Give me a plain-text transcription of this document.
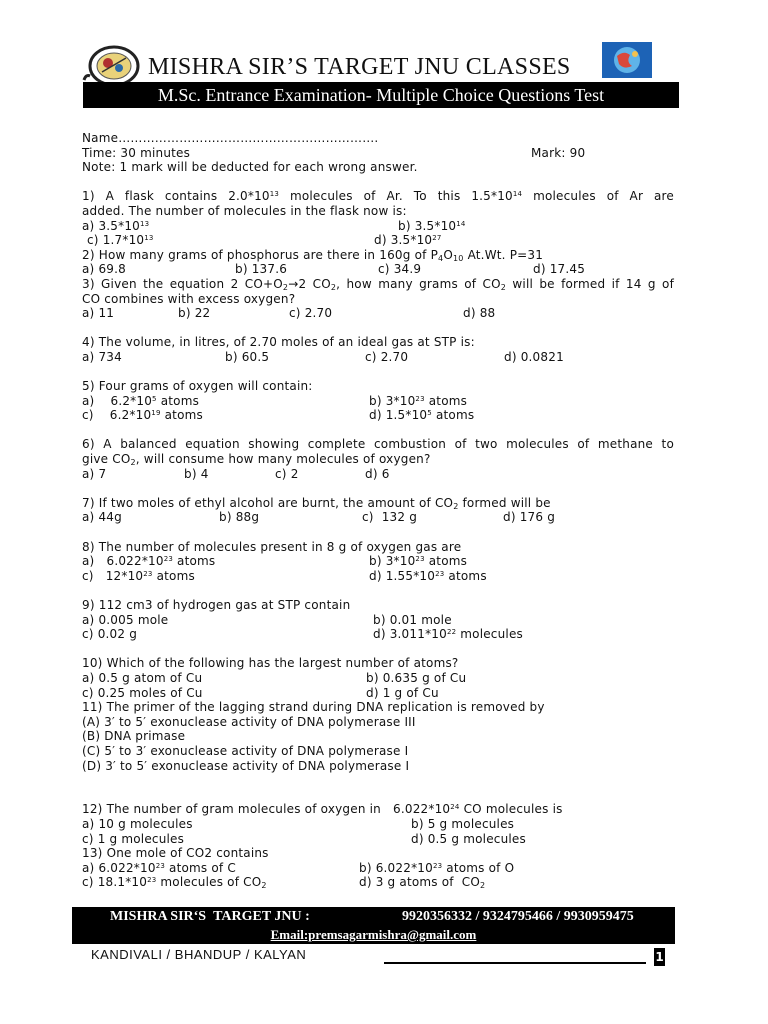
MISHRA SIR’S TARGET JNU CLASSES
M.Sc. Entrance Examination- Multiple Choice Questions Test
Name……………………………………………………….
Time: 30 minutes	Mark: 90
Note: 1 mark will be deducted for each wrong answer.
1) A flask contains $2.0*10^{13}$ molecules of Ar. To this $1.5*10^{14}$ molecules of Ar are
added. The number of molecules in the flask now is:
a) $3.5*10^{13}$	b) $3.5*10^{14}$
c) $1.7*10^{13}$	d) $3.5*10^{27}$
2) How many grams of phosphorus are there in 160g of $P_4O_{10}$ At.Wt. P=31
a) 69.8	b) 137.6	c) 34.9	d) 17.45
3) Given the equation 2 $CO+O_2\to 2$ $CO_2$, how many grams of $CO_2$ will be formed if 14 g of
CO combines with excess oxygen?
a) 11	b) 22	c) 2.70	d) 88
4) The volume, in litres, of 2.70 moles of an ideal gas at STP is:
a) 734	b) 60.5	c) 2.70	d) 0.0821
5) Four grams of oxygen will contain:
a)    $6.2*10^5$ atoms	b) $3*10^{23}$ atoms
c)    $6.2*10^{19}$ atoms	d) $1.5*10^5$ atoms
6) A balanced equation showing complete combustion of two molecules of methane to
give $CO_2$, will consume how many molecules of oxygen?
a) 7	b) 4	c) 2	d) 6
7) If two moles of ethyl alcohol are burnt, the amount of $CO_2$ formed will be
a) 44g	b) 88g	c)  132 g	d) 176 g
8) The number of molecules present in 8 g of oxygen gas are
a)   $6.022*10^{23}$ atoms	b) $3*10^{23}$ atoms
c)   $12*10^{23}$ atoms	d) $1.55*10^{23}$ atoms
9) 112 cm3 of hydrogen gas at STP contain
a) 0.005 mole	b) 0.01 mole
c) 0.02 g	d) $3.011*10^{22}$ molecules
10) Which of the following has the largest number of atoms?
a) 0.5 g atom of Cu	b) 0.635 g of Cu
c) 0.25 moles of Cu	d) 1 g of Cu
11) The primer of the lagging strand during DNA replication is removed by
(A) 3′ to 5′ exonuclease activity of DNA polymerase III
(B) DNA primase
(C) 5′ to 3′ exonuclease activity of DNA polymerase I
(D) 3′ to 5′ exonuclease activity of DNA polymerase I
12) The number of gram molecules of oxygen in   $6.022*10^{24}$ CO molecules is
a) 10 g molecules	b) 5 g molecules
c) 1 g molecules	d) 0.5 g molecules
13) One mole of CO2 contains
a) $6.022*10^{23}$ atoms of C	b) $6.022*10^{23}$ atoms of O
c) $18.1*10^{23}$ molecules of $CO_2$	d) 3 g atoms of  $CO_2$
MISHRA SIR‘S  TARGET JNU :	9920356332 / 9324795466 / 9930959475
Email:premsagarmishra@gmail.com
KANDIVALI / BHANDUP / KALYAN	1
